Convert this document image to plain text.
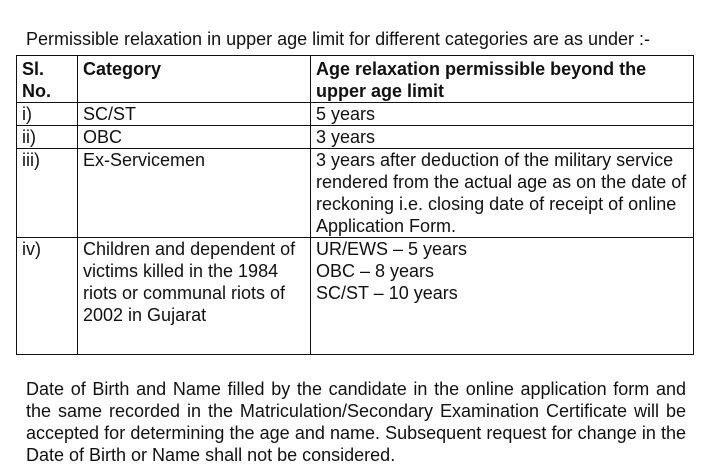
Permissible relaxation in upper age limit for different categories are as under :-

Sl. No.	Category	Age relaxation permissible beyond the upper age limit
i)	SC/ST	5 years
ii)	OBC	3 years
iii)	Ex-Servicemen	3 years after deduction of the military service rendered from the actual age as on the date of reckoning i.e. closing date of receipt of online Application Form.
iv)	Children and dependent of victims killed in the 1984 riots or communal riots of 2002 in Gujarat	UR/EWS – 5 years
OBC – 8 years
SC/ST – 10 years

Date of Birth and Name filled by the candidate in the online application form and the same recorded in the Matriculation/Secondary Examination Certificate will be accepted for determining the age and name. Subsequent request for change in the Date of Birth or Name shall not be considered.
